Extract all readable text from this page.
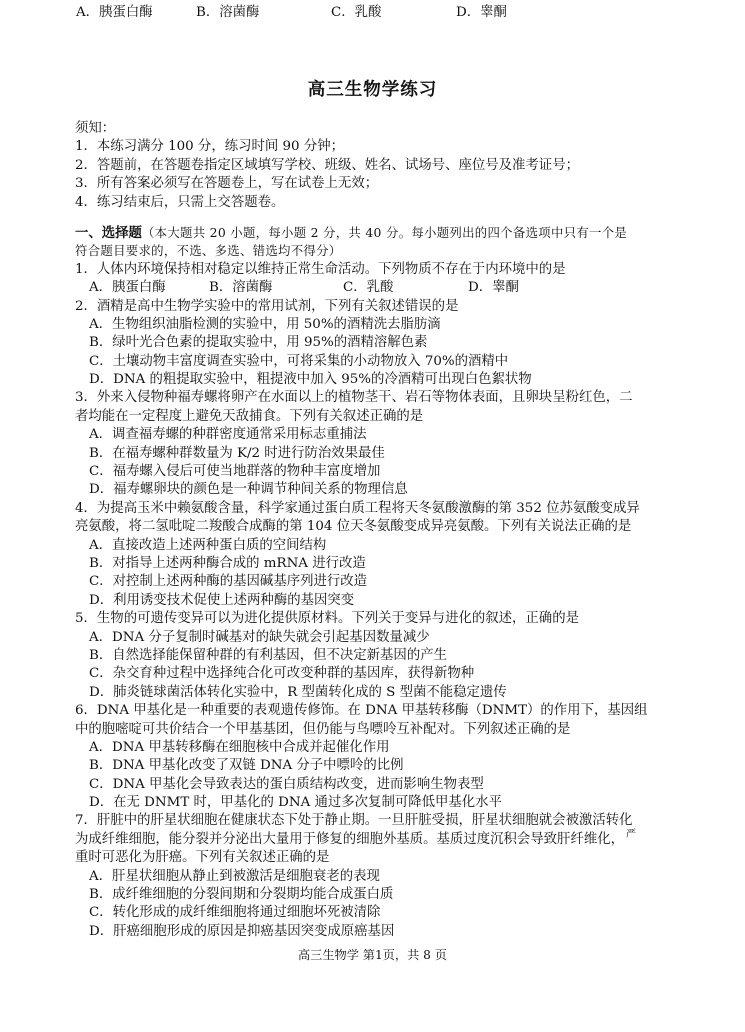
A．胰蛋白酶	B．溶菌酶	C．乳酸	D．睾酮
高三生物学练习
须知：
1．本练习满分 100 分，练习时间 90 分钟；
2．答题前，在答题卷指定区域填写学校、班级、姓名、试场号、座位号及准考证号；
3．所有答案必须写在答题卷上，写在试卷上无效；
4．练习结束后，只需上交答题卷。
一、选择题（本大题共 20 小题，每小题 2 分，共 40 分。每小题列出的四个备选项中只有一个是
符合题目要求的，不选、多选、错选均不得分）
1．人体内环境保持相对稳定以维持正常生命活动。下列物质不存在于内环境中的是
A．胰蛋白酶	B．溶菌酶	C．乳酸	D．睾酮
2．酒精是高中生物学实验中的常用试剂，下列有关叙述错误的是
A．生物组织油脂检测的实验中，用 50%的酒精洗去脂肪滴
B．绿叶光合色素的提取实验中，用 95%的酒精溶解色素
C．土壤动物丰富度调查实验中，可将采集的小动物放入 70%的酒精中
D．DNA 的粗提取实验中，粗提液中加入 95%的冷酒精可出现白色絮状物
3．外来入侵物种福寿螺将卵产在水面以上的植物茎干、岩石等物体表面，且卵块呈粉红色，二
者均能在一定程度上避免天敌捕食。下列有关叙述正确的是
A．调查福寿螺的种群密度通常采用标志重捕法
B．在福寿螺种群数量为 K/2 时进行防治效果最佳
C．福寿螺入侵后可使当地群落的物种丰富度增加
D．福寿螺卵块的颜色是一种调节种间关系的物理信息
4．为提高玉米中赖氨酸含量，科学家通过蛋白质工程将天冬氨酸激酶的第 352 位苏氨酸变成异
亮氨酸，将二氢吡啶二羧酸合成酶的第 104 位天冬氨酸变成异亮氨酸。下列有关说法正确的是
A．直接改造上述两种蛋白质的空间结构
B．对指导上述两种酶合成的 mRNA 进行改造
C．对控制上述两种酶的基因碱基序列进行改造
D．利用诱变技术促使上述两种酶的基因突变
5．生物的可遗传变异可以为进化提供原材料。下列关于变异与进化的叙述，正确的是
A．DNA 分子复制时碱基对的缺失就会引起基因数量减少
B．自然选择能保留种群的有利基因，但不决定新基因的产生
C．杂交育种过程中选择纯合化可改变种群的基因库，获得新物种
D．肺炎链球菌活体转化实验中，R 型菌转化成的 S 型菌不能稳定遗传
6．DNA 甲基化是一种重要的表观遗传修饰。在 DNA 甲基转移酶（DNMT）的作用下，基因组
中的胞嘧啶可共价结合一个甲基基团，但仍能与鸟嘌呤互补配对。下列叙述正确的是
A．DNA 甲基转移酶在细胞核中合成并起催化作用
B．DNA 甲基化改变了双链 DNA 分子中嘌呤的比例
C．DNA 甲基化会导致表达的蛋白质结构改变，进而影响生物表型
D．在无 DNMT 时，甲基化的 DNA 通过多次复制可降低甲基化水平
7．肝脏中的肝星状细胞在健康状态下处于静止期。一旦肝脏受损，肝星状细胞就会被激活转化
为成纤维细胞，能分裂并分泌出大量用于修复的细胞外基质。基质过度沉积会导致肝纤维化， $^严$
重时可恶化为肝癌。下列有关叙述正确的是
A．肝星状细胞从静止到被激活是细胞衰老的表现
B．成纤维细胞的分裂间期和分裂期均能合成蛋白质
C．转化形成的成纤维细胞将通过细胞坏死被清除
D．肝癌细胞形成的原因是抑癌基因突变成原癌基因
高三生物学 第1页，共 8 页
